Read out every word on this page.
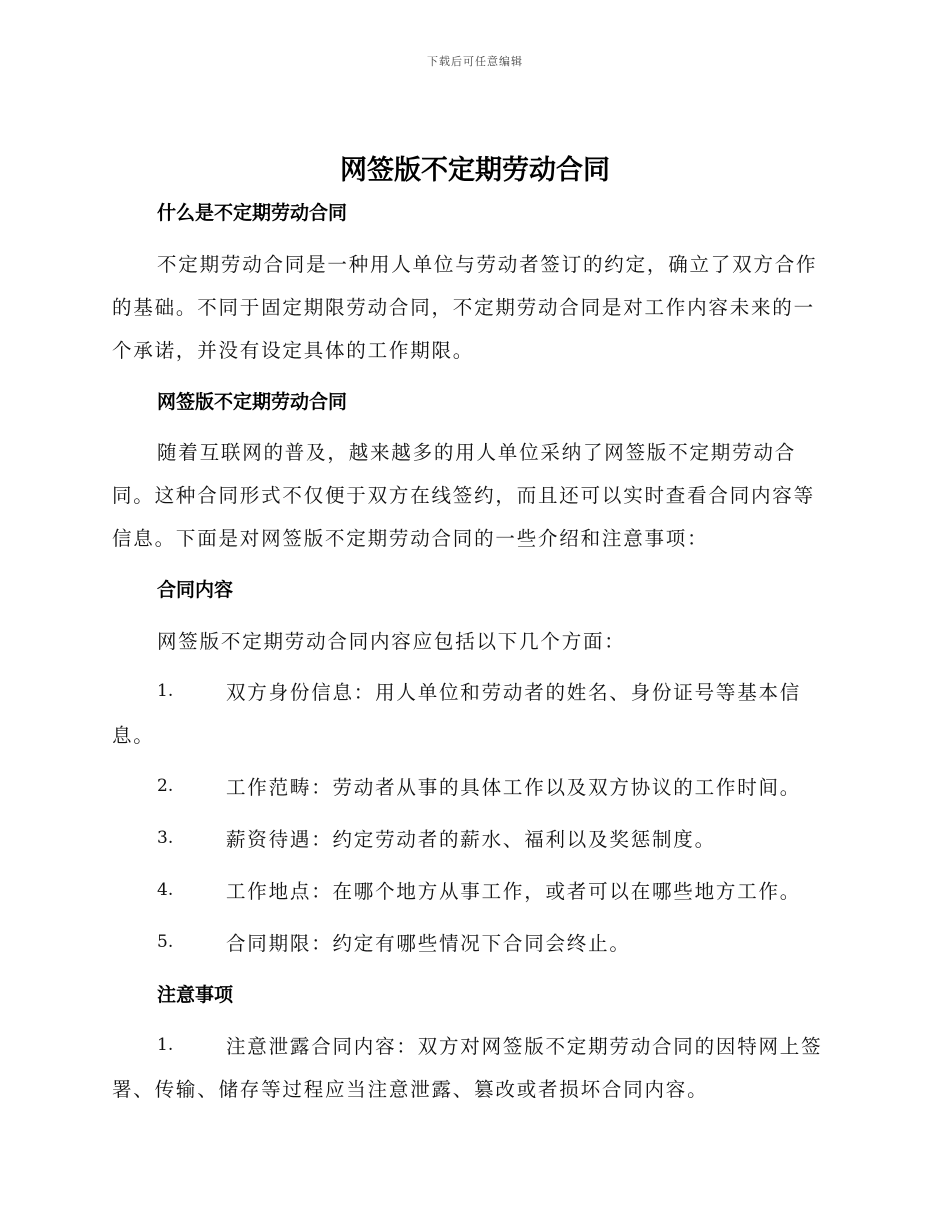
下载后可任意编辑
网签版不定期劳动合同
什么是不定期劳动合同

不定期劳动合同是一种用人单位与劳动者签订的约定，确立了双方合作

的基础。不同于固定期限劳动合同，不定期劳动合同是对工作内容未来的一

个承诺，并没有设定具体的工作期限。

网签版不定期劳动合同

随着互联网的普及，越来越多的用人单位采纳了网签版不定期劳动合

同。这种合同形式不仅便于双方在线签约，而且还可以实时查看合同内容等

信息。下面是对网签版不定期劳动合同的一些介绍和注意事项：

合同内容

网签版不定期劳动合同内容应包括以下几个方面：

1.	双方身份信息：用人单位和劳动者的姓名、身份证号等基本信

息。

2.	工作范畴：劳动者从事的具体工作以及双方协议的工作时间。
3.	薪资待遇：约定劳动者的薪水、福利以及奖惩制度。
4.	工作地点：在哪个地方从事工作，或者可以在哪些地方工作。
5.	合同期限：约定有哪些情况下合同会终止。
注意事项
1.	注意泄露合同内容：双方对网签版不定期劳动合同的因特网上签

署、传输、储存等过程应当注意泄露、篡改或者损坏合同内容。
